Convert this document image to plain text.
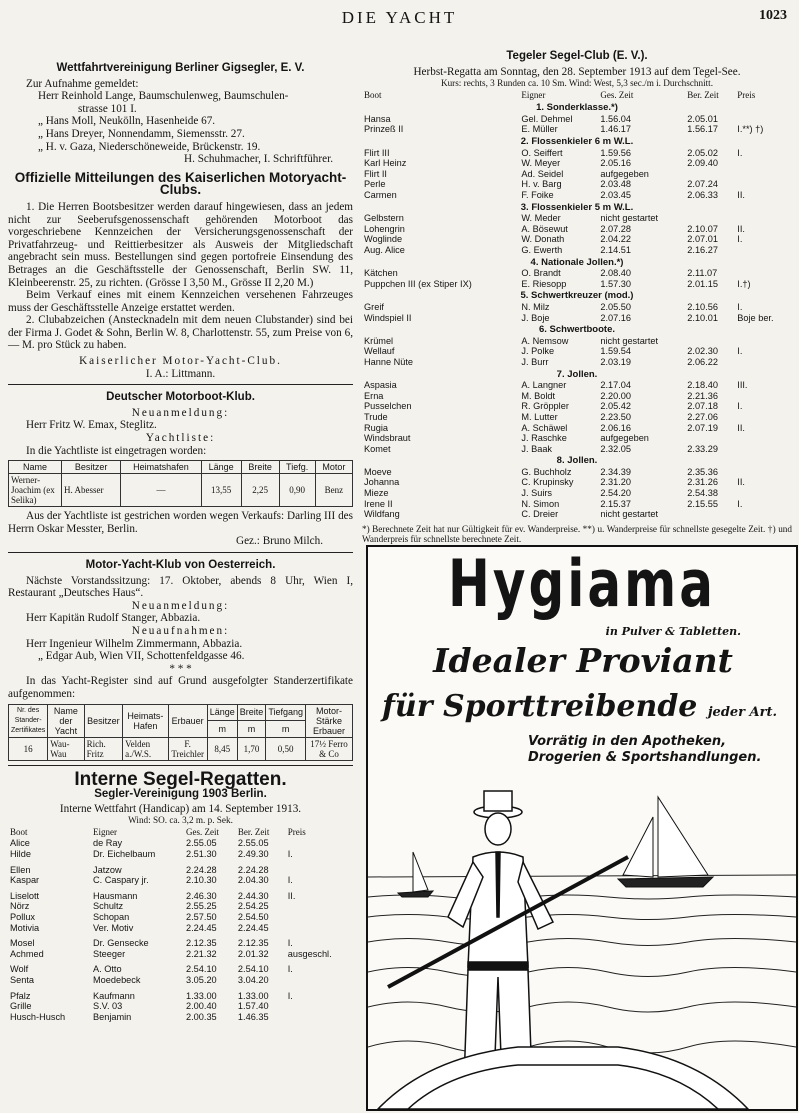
DIE YACHT	1023
Wettfahrtvereinigung Berliner Gigsegler, E. V.
Zur Aufnahme gemeldet:
Herr Reinhold Lange, Baumschulenweg, Baumschulen-
strasse 101 I.
„ Hans Moll, Neukölln, Hasenheide 67.
„ Hans Dreyer, Nonnendamm, Siemensstr. 27.
„ H. v. Gaza, Niederschöneweide, Brückenstr. 19.
H. Schuhmacher, I. Schriftführer.
Offizielle Mitteilungen des Kaiserlichen Motoryacht-Clubs.
1. Die Herren Bootsbesitzer werden darauf hingewiesen, dass an jedem nicht zur Seeberufsgenossenschaft gehörenden Motorboot das vorgeschriebene Kennzeichen der Versicherungsgenossenschaft der Privatfahrzeug- und Reittierbesitzer als Ausweis der Mitgliedschaft angebracht sein muss. Bestellungen sind gegen portofreie Einsendung des Betrages an die Geschäftsstelle der Genossenschaft, Berlin SW. 11, Kleinbeerenstr. 25, zu richten. (Grösse I 3,50 M., Grösse II 2,20 M.)
Beim Verkauf eines mit einem Kennzeichen versehenen Fahrzeuges muss der Geschäftsstelle Anzeige erstattet werden.
2. Clubabzeichen (Anstecknadeln mit dem neuen Clubstander) sind bei der Firma J. Godet & Sohn, Berlin W. 8, Charlottenstr. 55, zum Preise von 6,— M. pro Stück zu haben.
Kaiserlicher Motor-Yacht-Club.
I. A.: Littmann.
Deutscher Motorboot-Klub.
Neuanmeldung:
Herr Fritz W. Emax, Steglitz.
Yachtliste:
In die Yachtliste ist eingetragen worden:
Name	Besitzer	Heimatshafen	Länge	Breite	Tiefg.	Motor
Werner-Joachim (ex Selika)	H. Abesser	—	13,55	2,25	0,90	Benz
Aus der Yachtliste ist gestrichen worden wegen Verkaufs: Darling III des Herrn Oskar Messter, Berlin.
Gez.: Bruno Milch.
Motor-Yacht-Klub von Oesterreich.
Nächste Vorstandssitzung: 17. Oktober, abends 8 Uhr, Wien I, Restaurant „Deutsches Haus“.
Neuanmeldung:
Herr Kapitän Rudolf Stanger, Abbazia.
Neuaufnahmen:
Herr Ingenieur Wilhelm Zimmermann, Abbazia.
„ Edgar Aub, Wien VII, Schottenfeldgasse 46.
* * *
In das Yacht-Register sind auf Grund ausgefolgter Standerzertifikate aufgenommen:
Nr. des Stander-Zertifikates	Name der Yacht	Besitzer	Heimats-Hafen	Erbauer	Länge	Breite	Tiefgang	Motor-Stärke Erbauer
					m	m	m	
16	Wau-Wau	Rich. Fritz	Velden a./W.S.	F. Treichler	8,45	1,70	0,50	17½ Ferro & Co
Interne Segel-Regatten.
Segler-Vereinigung 1903 Berlin.
Interne Wettfahrt (Handicap) am 14. September 1913.
Wind: SO. ca. 3,2 m. p. Sek.
Boot	Eigner	Ges. Zeit	Ber. Zeit	Preis
Alice	de Ray	2.55.05	2.55.05	
Hilde	Dr. Eichelbaum	2.51.30	2.49.30	I.

Ellen	Jatzow	2.24.28	2.24.28	
Kaspar	C. Caspary jr.	2.10.30	2.04.30	I.

Liselott	Hausmann	2.46.30	2.44.30	II.
Nörz	Schultz	2.55.25	2.54.25	
Pollux	Schopan	2.57.50	2.54.50	
Motivia	Ver. Motiv	2.24.45	2.24.45	

Mosel	Dr. Gensecke	2.12.35	2.12.35	I.
Achmed	Steeger	2.21.32	2.01.32	ausgeschl.

Wolf	A. Otto	2.54.10	2.54.10	I.
Senta	Moedebeck	3.05.20	3.04.20	

Pfalz	Kaufmann	1.33.00	1.33.00	I.
Grille	S.V. 03	2.00.40	1.57.40	
Husch-Husch	Benjamin	2.00.35	1.46.35	

Tegeler Segel-Club (E. V.).
Herbst-Regatta am Sonntag, den 28. September 1913 auf dem Tegel-See.
Kurs: rechts, 3 Runden ca. 10 Sm. Wind: West, 5,3 sec./m i. Durchschnitt.
Boot	Eigner	Ges. Zeit	Ber. Zeit	Preis
1. Sonderklasse.*)				
Hansa	Gel. Dehmel	1.56.04	2.05.01	
Prinzeß II	E. Müller	1.46.17	1.56.17	I.**) †)
2. Flossenkieler 6 m W.L.				
Flirt III	O. Seiffert	1.59.56	2.05.02	I.
Karl Heinz	W. Meyer	2.05.16	2.09.40	
Flirt II	Ad. Seidel	aufgegeben		
Perle	H. v. Barg	2.03.48	2.07.24	
Carmen	F. Foike	2.03.45	2.06.33	II.
3. Flossenkieler 5 m W.L.				
Gelbstern	W. Meder	nicht gestartet		
Lohengrin	A. Bösewut	2.07.28	2.10.07	II.
Woglinde	W. Donath	2.04.22	2.07.01	I.
Aug. Alice	G. Ewerth	2.14.51	2.16.27	
4. Nationale Jollen.*)				
Kätchen	O. Brandt	2.08.40	2.11.07	
Puppchen III (ex Stiper IX)	E. Riesopp	1.57.30	2.01.15	I.†)
5. Schwertkreuzer (mod.)				
Greif	N. Milz	2.05.50	2.10.56	I.
Windspiel II	J. Boje	2.07.16	2.10.01	Boje ber.
6. Schwertboote.				
Krümel	A. Nemsow	nicht gestartet		
Wellauf	J. Polke	1.59.54	2.02.30	I.
Hanne Nüte	J. Burr	2.03.19	2.06.22	
7. Jollen.				
Aspasia	A. Langner	2.17.04	2.18.40	III.
Erna	M. Boldt	2.20.00	2.21.36	
Pusselchen	R. Gröppler	2.05.42	2.07.18	I.
Trude	M. Lutter	2.23.50	2.27.06	
Rugia	A. Schäwel	2.06.16	2.07.19	II.
Windsbraut	J. Raschke	aufgegeben		
Komet	J. Baak	2.32.05	2.33.29	
8. Jollen.				
Moeve	G. Buchholz	2.34.39	2.35.36	
Johanna	C. Krupinsky	2.31.20	2.31.26	II.
Mieze	J. Suirs	2.54.20	2.54.38	
Irene II	N. Simon	2.15.37	2.15.55	I.
Wildfang	C. Dreier	nicht gestartet		
*) Berechnete Zeit hat nur Gültigkeit für ev. Wanderpreise. **) u. Wanderpreise für schnellste gesegelte Zeit. †) und Wanderpreis für schnellste berechnete Zeit.
Hygiama
in Pulver & Tabletten.
Idealer Proviant
für Sporttreibende jeder Art.
Vorrätig in den Apotheken,
Drogerien & Sportshandlungen.
